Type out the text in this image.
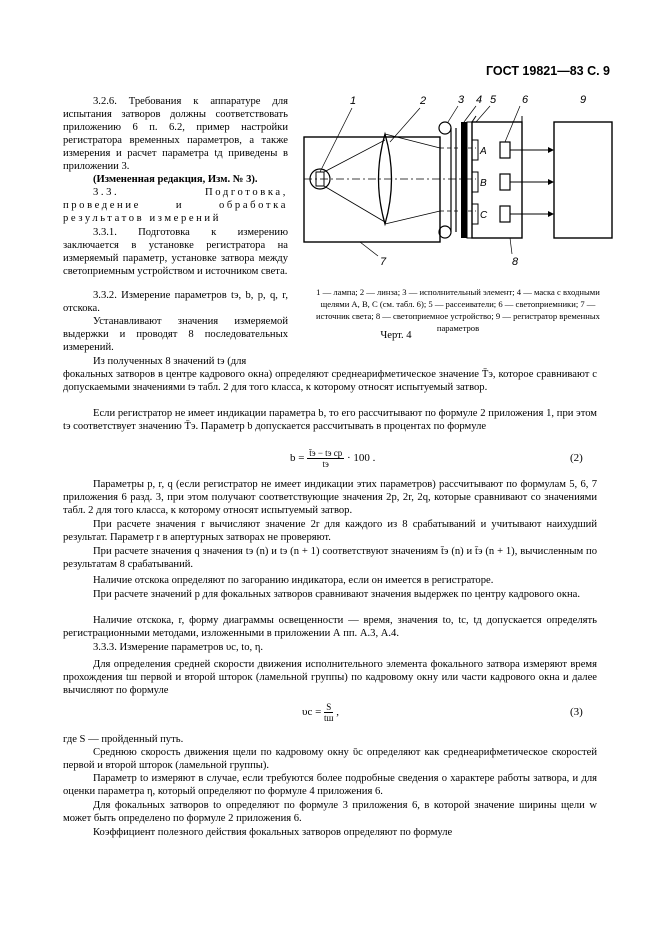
ГОСТ 19821—83 С. 9

3.2.6. Требования к аппаратуре для испытания затворов должны соответствовать приложению 6 п. 6.2, пример настройки регистратора временных параметров, а также измерения и расчет параметра tд приведены в приложении 3.

(Измененная редакция, Изм. № 3).

3.3. Подготовка, проведение и обработка результатов измерений

3.3.1. Подготовка к измерению заключается в установке регистратора на измеряемый параметр, установке затвора между светоприемным устройством и источником света.

3.3.2. Измерение параметров tэ, b, p, q, r, отскока.

Устанавливают значения измеряемой выдержки и проводят 8 последовательных измерений.

Из полученных 8 значений tэ (для

1	2	3 4 5 6	9
7	8
A
B
C
1 — лампа; 2 — линза; 3 — исполнительный элемент; 4 — маска с входными щелями A, B, C (см. табл. 6); 5 — рассеиватели; 6 — светоприемники; 7 — источник света; 8 — светоприемное устройство; 9 — регистратор временных параметров
Черт. 4

фокальных затворов в центре кадрового окна) определяют среднеарифметическое значение T̄э, которое сравнивают с допускаемыми значениями tэ табл. 2 для того класса, к которому относят испытуемый затвор.

Если регистратор не имеет индикации параметра b, то его рассчитывают по формуле 2 приложения 1, при этом tэ соответствует значению T̄э. Параметр b допускается рассчитывать в процентах по формуле

$b = \frac{\text{t̄э − tэ ср}}{tэ} \cdot 100$ .	(2)

Параметры p, r, q (если регистратор не имеет индикации этих параметров) рассчитывают по формулам 5, 6, 7 приложения 6 разд. 3, при этом получают соответствующие значения 2p, 2r, 2q, которые сравнивают со значениями табл. 2 для того класса, к которому относят испытуемый затвор.

При расчете значения r вычисляют значение 2r для каждого из 8 срабатываний и учитывают наихудший результат. Параметр r в апертурных затворах не проверяют.

При расчете значения q значения tэ (n) и tэ (n + 1) соответствуют значениям t̄э (n) и t̄э (n + 1), вычисленным по результатам 8 срабатываний.

Наличие отскока определяют по загоранию индикатора, если он имеется в регистраторе.

При расчете значений p для фокальных затворов сравнивают значения выдержек по центру кадрового окна.

Наличие отскока, r, форму диаграммы освещенности — время, значения tо, tс, tд допускается определять регистрационными методами, изложенными в приложении А пп. А.3, А.4.

3.3.3. Измерение параметров υс, tо, η.

Для определения средней скорости движения исполнительного элемента фокального затвора измеряют время прохождения tш первой и второй шторок (ламельной группы) по кадровому окну или части кадрового окна и далее вычисляют по формуле

$\upsilon с = \frac{S}{tш}$ ,	(3)

где S — пройденный путь.

Среднюю скорость движения щели по кадровому окну ῡс определяют как среднеарифметическое скоростей первой и второй шторок (ламельной группы).

Параметр tо измеряют в случае, если требуются более подробные сведения о характере работы затвора, и для оценки параметра η, который определяют по формуле 4 приложения 6.

Для фокальных затворов tо определяют по формуле 3 приложения 6, в которой значение ширины щели w может быть определено по формуле 2 приложения 6.

Коэффициент полезного действия фокальных затворов определяют по формуле
